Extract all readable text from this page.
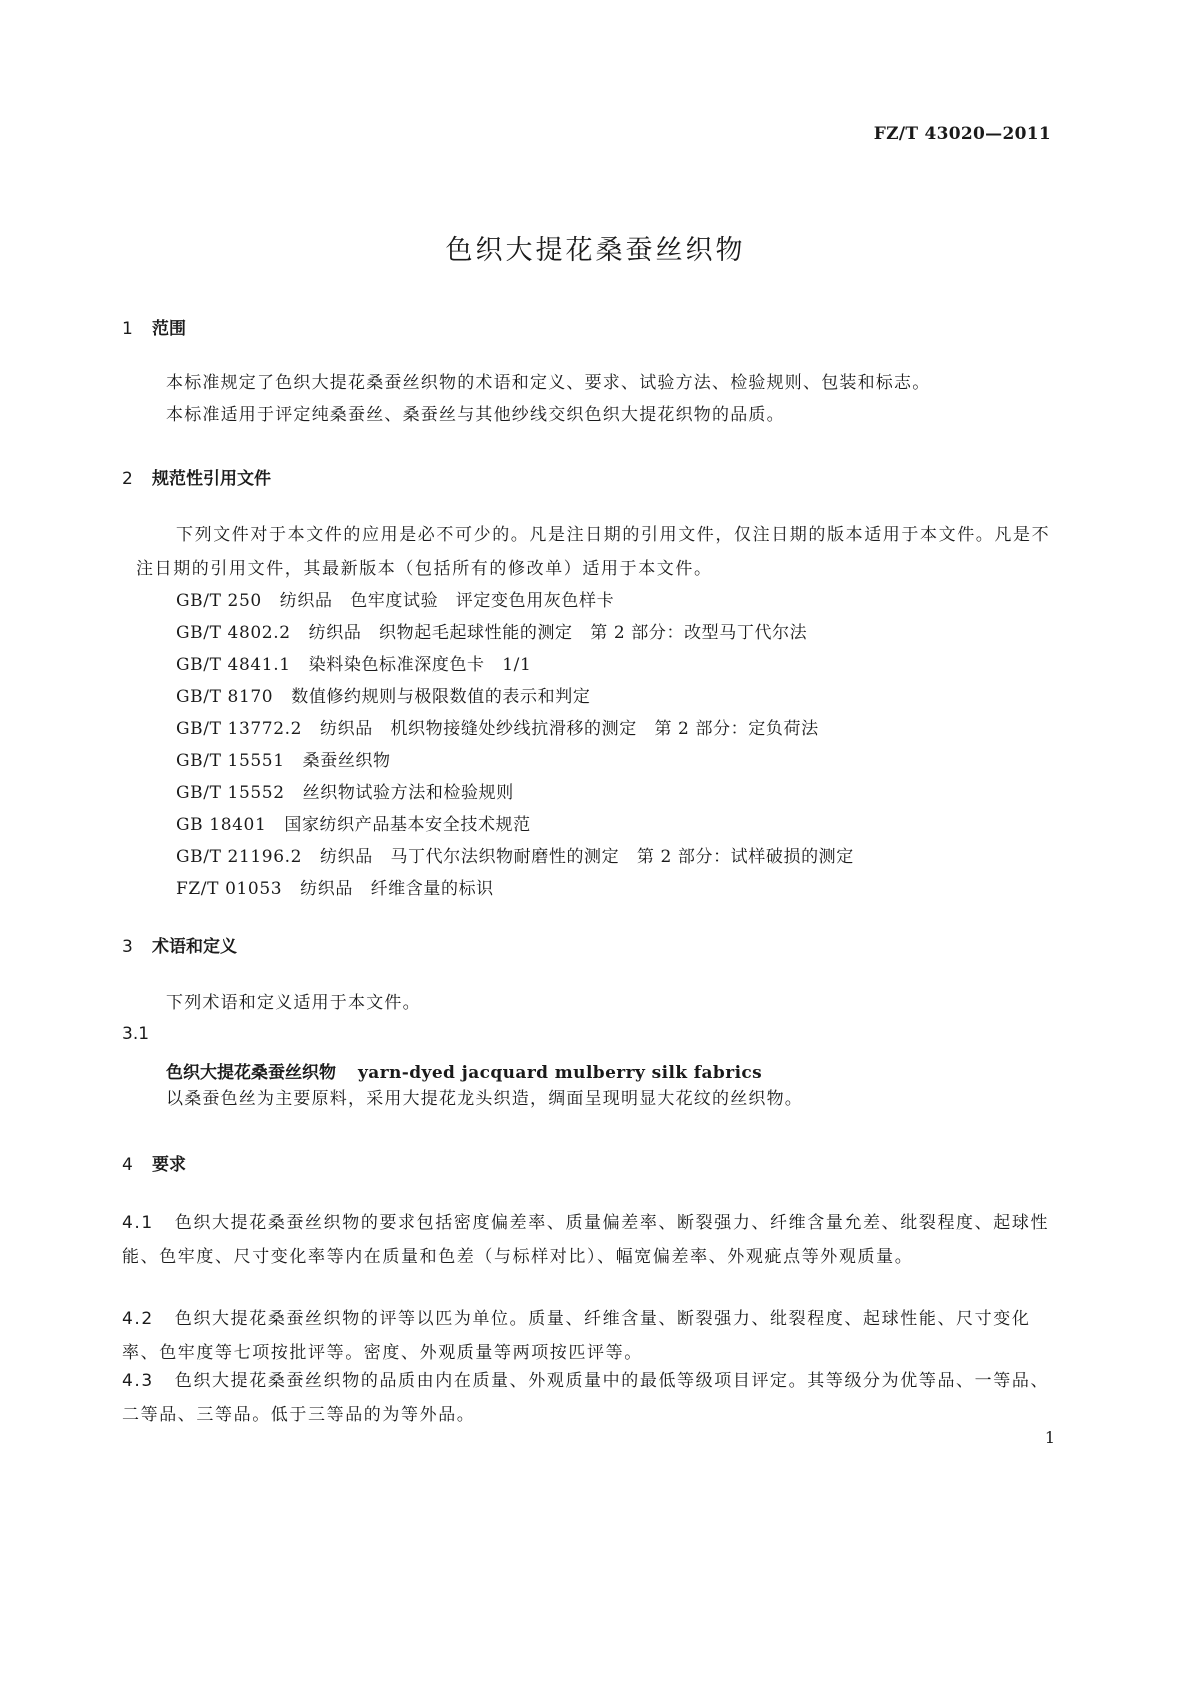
FZ/T 43020—2011
色织大提花桑蚕丝织物
1 范围
本标准规定了色织大提花桑蚕丝织物的术语和定义、要求、试验方法、检验规则、包装和标志。
本标准适用于评定纯桑蚕丝、桑蚕丝与其他纱线交织色织大提花织物的品质。
2 规范性引用文件
下列文件对于本文件的应用是必不可少的。凡是注日期的引用文件，仅注日期的版本适用于本文件。凡是不注日期的引用文件，其最新版本（包括所有的修改单）适用于本文件。
GB/T 250 纺织品　色牢度试验　评定变色用灰色样卡
GB/T 4802.2 纺织品　织物起毛起球性能的测定　第 2 部分：改型马丁代尔法
GB/T 4841.1 染料染色标准深度色卡　1/1
GB/T 8170 数值修约规则与极限数值的表示和判定
GB/T 13772.2 纺织品　机织物接缝处纱线抗滑移的测定　第 2 部分：定负荷法
GB/T 15551 桑蚕丝织物
GB/T 15552 丝织物试验方法和检验规则
GB 18401 国家纺织产品基本安全技术规范
GB/T 21196.2 纺织品　马丁代尔法织物耐磨性的测定　第 2 部分：试样破损的测定
FZ/T 01053 纺织品　纤维含量的标识
3 术语和定义
下列术语和定义适用于本文件。
3.1
色织大提花桑蚕丝织物 yarn-dyed jacquard mulberry silk fabrics
以桑蚕色丝为主要原料，采用大提花龙头织造，绸面呈现明显大花纹的丝织物。
4 要求
4.1 色织大提花桑蚕丝织物的要求包括密度偏差率、质量偏差率、断裂强力、纤维含量允差、纰裂程度、起球性能、色牢度、尺寸变化率等内在质量和色差（与标样对比）、幅宽偏差率、外观疵点等外观质量。
4.2 色织大提花桑蚕丝织物的评等以匹为单位。质量、纤维含量、断裂强力、纰裂程度、起球性能、尺寸变化率、色牢度等七项按批评等。密度、外观质量等两项按匹评等。
4.3 色织大提花桑蚕丝织物的品质由内在质量、外观质量中的最低等级项目评定。其等级分为优等品、一等品、二等品、三等品。低于三等品的为等外品。
1
